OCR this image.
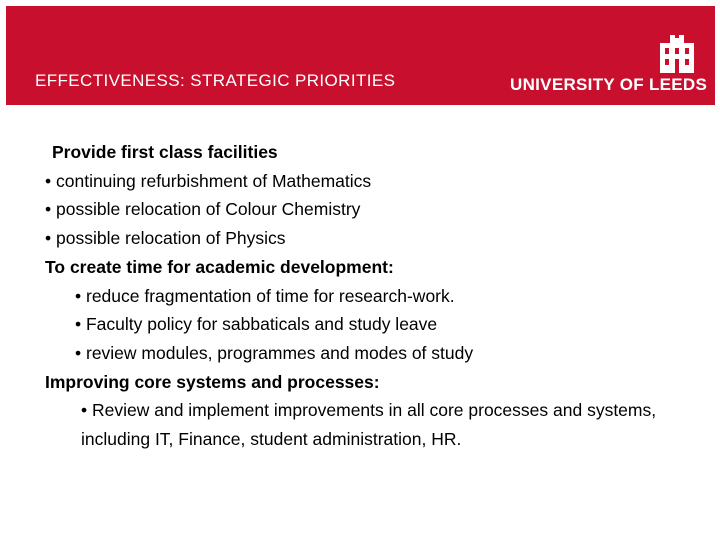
EFFECTIVENESS: STRATEGIC PRIORITIES	UNIVERSITY OF LEEDS
Provide first class facilities
• continuing refurbishment of Mathematics
• possible relocation of Colour Chemistry
• possible relocation of Physics
To create time for academic development:
• reduce fragmentation of time for research-work.
• Faculty policy for sabbaticals and study leave
• review modules, programmes and modes of study
Improving core systems and processes:
• Review and implement improvements in all core processes and systems, including IT, Finance, student administration, HR.
